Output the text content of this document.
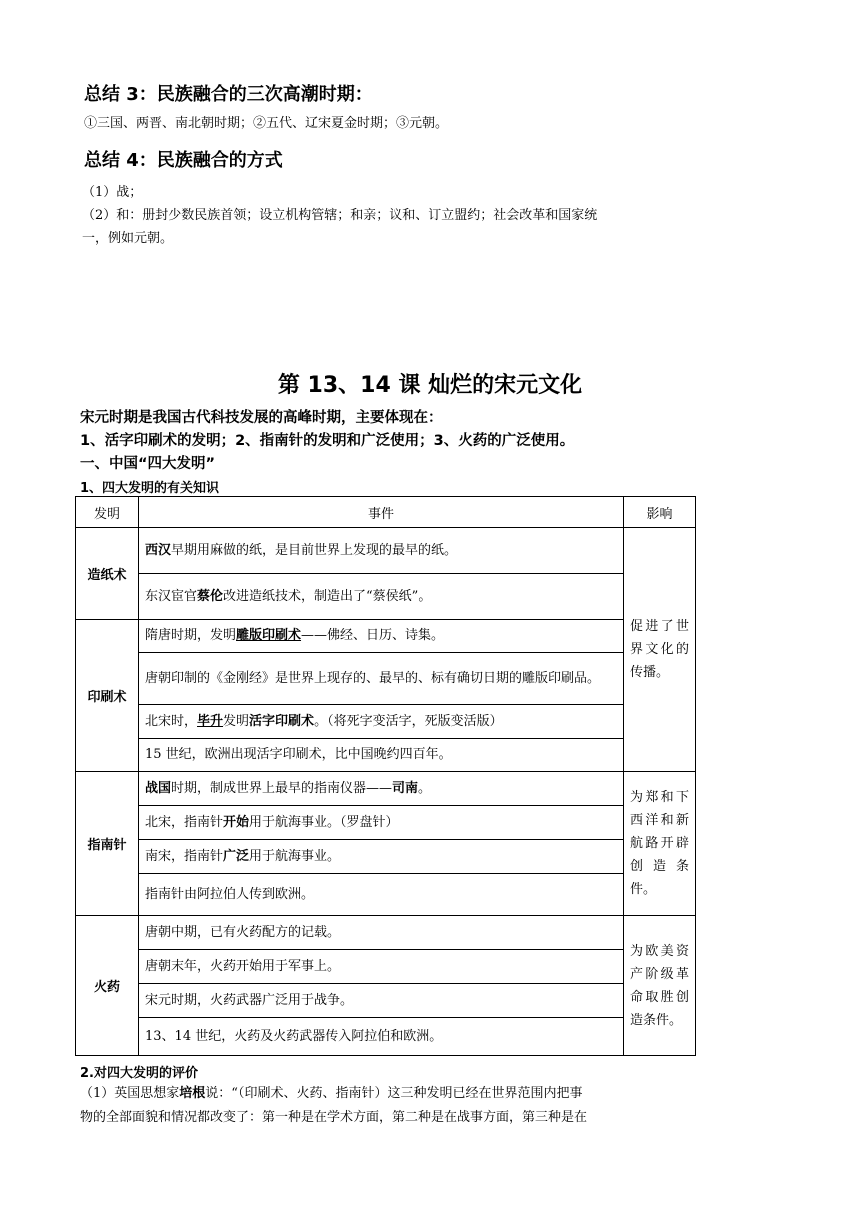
总结 3：民族融合的三次高潮时期：
①三国、两晋、南北朝时期；②五代、辽宋夏金时期；③元朝。
总结 4：民族融合的方式
（1）战；
（2）和：册封少数民族首领；设立机构管辖；和亲；议和、订立盟约；社会改革和国家统
一，例如元朝。
第 13、14 课 灿烂的宋元文化
宋元时期是我国古代科技发展的高峰时期，主要体现在：
1、活字印刷术的发明；2、指南针的发明和广泛使用；3、火药的广泛使用。
一、中国“四大发明”
1、四大发明的有关知识
发明	事件	影响
造纸术	西汉早期用麻做的纸，是目前世界上发现的最早的纸。	促进了世界文化的传播。
	东汉宦官蔡伦改进造纸技术，制造出了“蔡侯纸”。	
印刷术	隋唐时期，发明雕版印刷术——佛经、日历、诗集。	
	唐朝印制的《金刚经》是世界上现存的、最早的、标有确切日期的雕版印刷品。	
	北宋时，毕升发明活字印刷术。（将死字变活字，死版变活版）	
	15 世纪，欧洲出现活字印刷术，比中国晚约四百年。	
指南针	战国时期，制成世界上最早的指南仪器——司南。	为郑和下西洋和新航路开辟创造条件。
	北宋，指南针开始用于航海事业。（罗盘针）	
	南宋，指南针广泛用于航海事业。	
	指南针由阿拉伯人传到欧洲。	
火药	唐朝中期，已有火药配方的记载。	为欧美资产阶级革命取胜创造条件。
	唐朝末年，火药开始用于军事上。	
	宋元时期，火药武器广泛用于战争。	
	13、14 世纪，火药及火药武器传入阿拉伯和欧洲。	
2.对四大发明的评价
（1）英国思想家培根说：“（印刷术、火药、指南针）这三种发明已经在世界范围内把事
物的全部面貌和情况都改变了：第一种是在学术方面，第二种是在战事方面，第三种是在
